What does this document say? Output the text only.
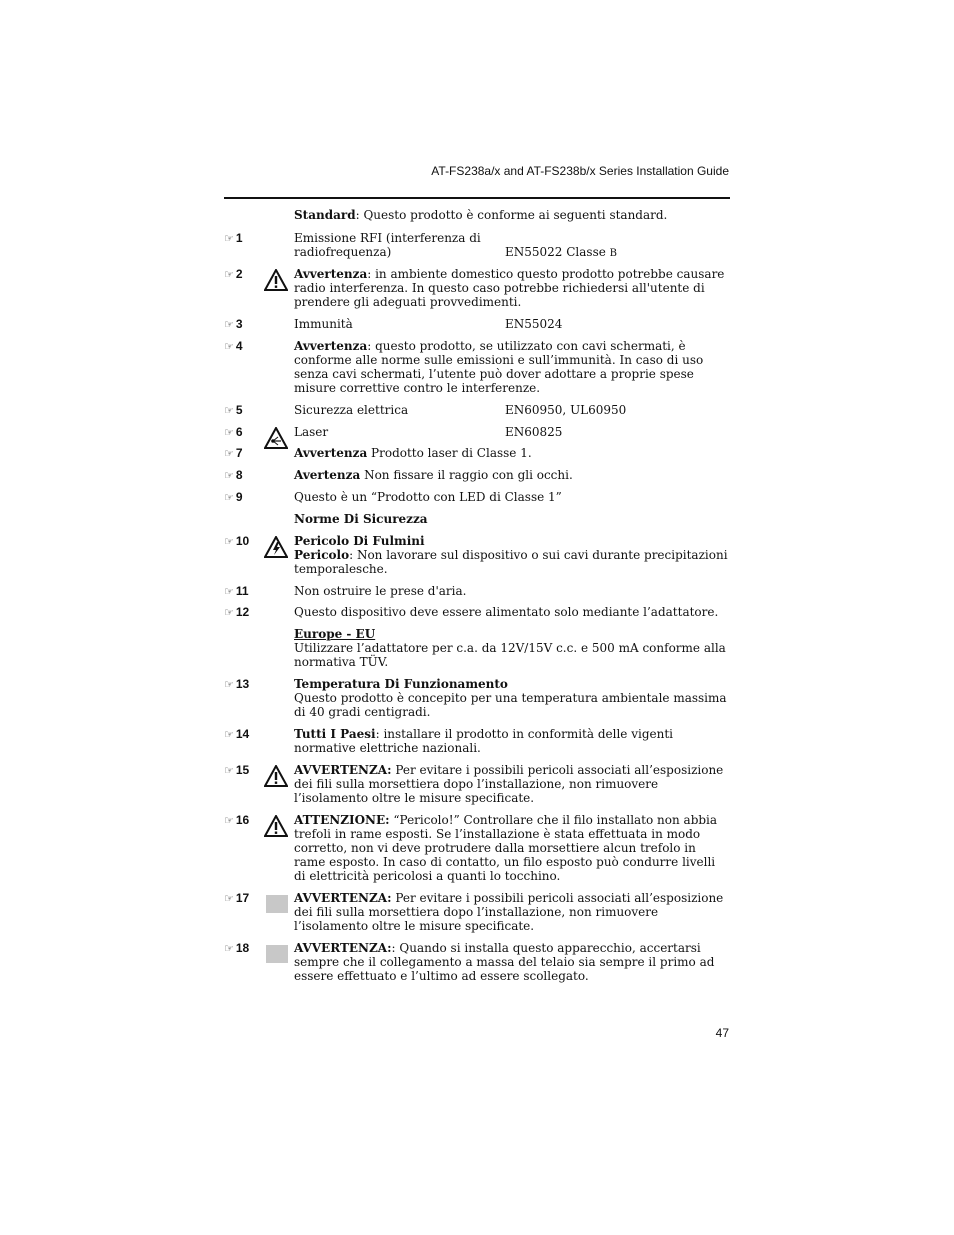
AT-FS238a/x and AT-FS238b/x Series Installation Guide
Standard: Questo prodotto è conforme ai seguenti standard.
☞ 1	Emissione RFI (interferenza di radiofrequenza)	EN55022 Classe B
☞ 2	Avvertenza: in ambiente domestico questo prodotto potrebbe causare radio interferenza. In questo caso potrebbe richiedersi all'utente di prendere gli adeguati provvedimenti.
☞ 3	Immunità	EN55024
☞ 4	Avvertenza: questo prodotto, se utilizzato con cavi schermati, è conforme alle norme sulle emissioni e sull’immunità. In caso di uso senza cavi schermati, l’utente può dover adottare a proprie spese misure correttive contro le interferenze.
☞ 5	Sicurezza elettrica	EN60950, UL60950
☞ 6	Laser	EN60825
☞ 7	Avvertenza Prodotto laser di Classe 1.
☞ 8	Avertenza Non fissare il raggio con gli occhi.
☞ 9	Questo è un “Prodotto con LED di Classe 1”
Norme Di Sicurezza
☞ 10	Pericolo Di Fulmini
Pericolo: Non lavorare sul dispositivo o sui cavi durante precipitazioni temporalesche.
☞ 11	Non ostruire le prese d'aria.
☞ 12	Questo dispositivo deve essere alimentato solo mediante l’adattatore.
Europe - EU
Utilizzare l’adattatore per c.a. da 12V/15V c.c. e 500 mA conforme alla normativa TÜV.
☞ 13	Temperatura Di Funzionamento
Questo prodotto è concepito per una temperatura ambientale massima di 40 gradi centigradi.
☞ 14	Tutti I Paesi: installare il prodotto in conformità delle vigenti normative elettriche nazionali.
☞ 15	AVVERTENZA: Per evitare i possibili pericoli associati all’esposizione dei fili sulla morsettiera dopo l’installazione, non rimuovere l’isolamento oltre le misure specificate.
☞ 16	ATTENZIONE: “Pericolo!” Controllare che il filo installato non abbia trefoli in rame esposti. Se l’installazione è stata effettuata in modo corretto, non vi deve protrudere dalla morsettiere alcun trefolo in rame esposto. In caso di contatto, un filo esposto può condurre livelli di elettricità pericolosi a quanti lo tocchino.
☞ 17	AVVERTENZA: Per evitare i possibili pericoli associati all’esposizione dei fili sulla morsettiera dopo l’installazione, non rimuovere l’isolamento oltre le misure specificate.
☞ 18	AVVERTENZA:: Quando si installa questo apparecchio, accertarsi sempre che il collegamento a massa del telaio sia sempre il primo ad essere effettuato e l’ultimo ad essere scollegato.
47
